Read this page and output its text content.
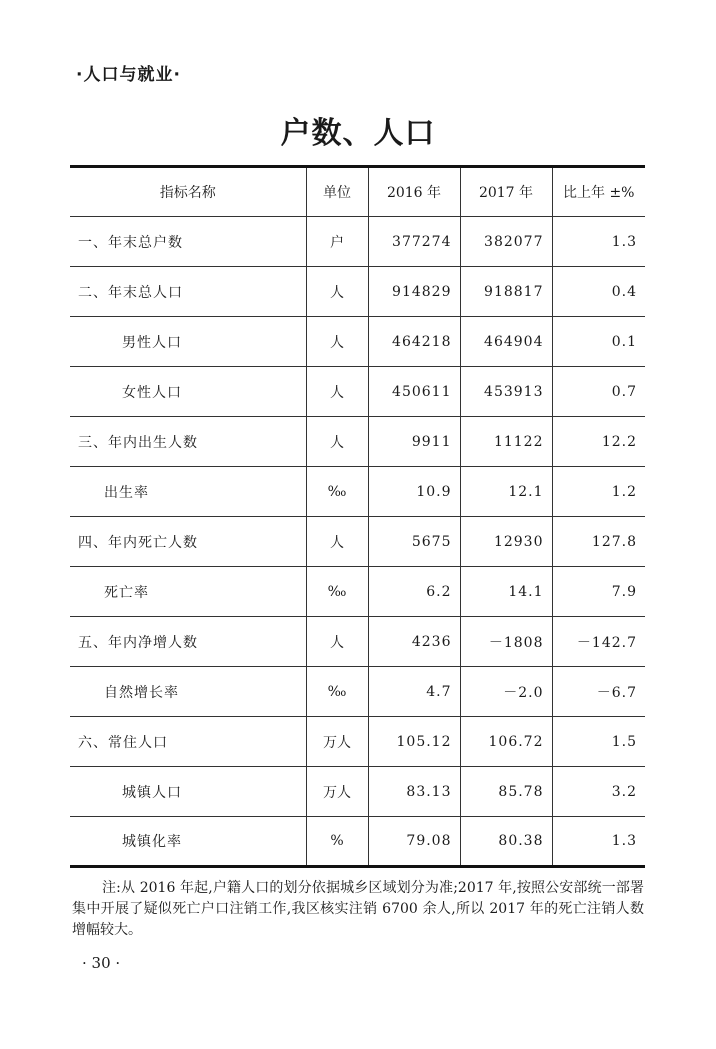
·人口与就业·
户数、人口
指标名称	单位	2016 年	2017 年	比上年 ±%
一、年末总户数	户	377274	382077	1.3
二、年末总人口	人	914829	918817	0.4
男性人口	人	464218	464904	0.1
女性人口	人	450611	453913	0.7
三、年内出生人数	人	9911	11122	12.2
出生率	‰	10.9	12.1	1.2
四、年内死亡人数	人	5675	12930	127.8
死亡率	‰	6.2	14.1	7.9
五、年内净增人数	人	4236	－1808	－142.7
自然增长率	‰	4.7	－2.0	－6.7
六、常住人口	万人	105.12	106.72	1.5
城镇人口	万人	83.13	85.78	3.2
城镇化率	%	79.08	80.38	1.3
注:从 2016 年起,户籍人口的划分依据城乡区域划分为准;2017 年,按照公安部统一部署集中开展了疑似死亡户口注销工作,我区核实注销 6700 余人,所以 2017 年的死亡注销人数增幅较大。
· 30 ·
